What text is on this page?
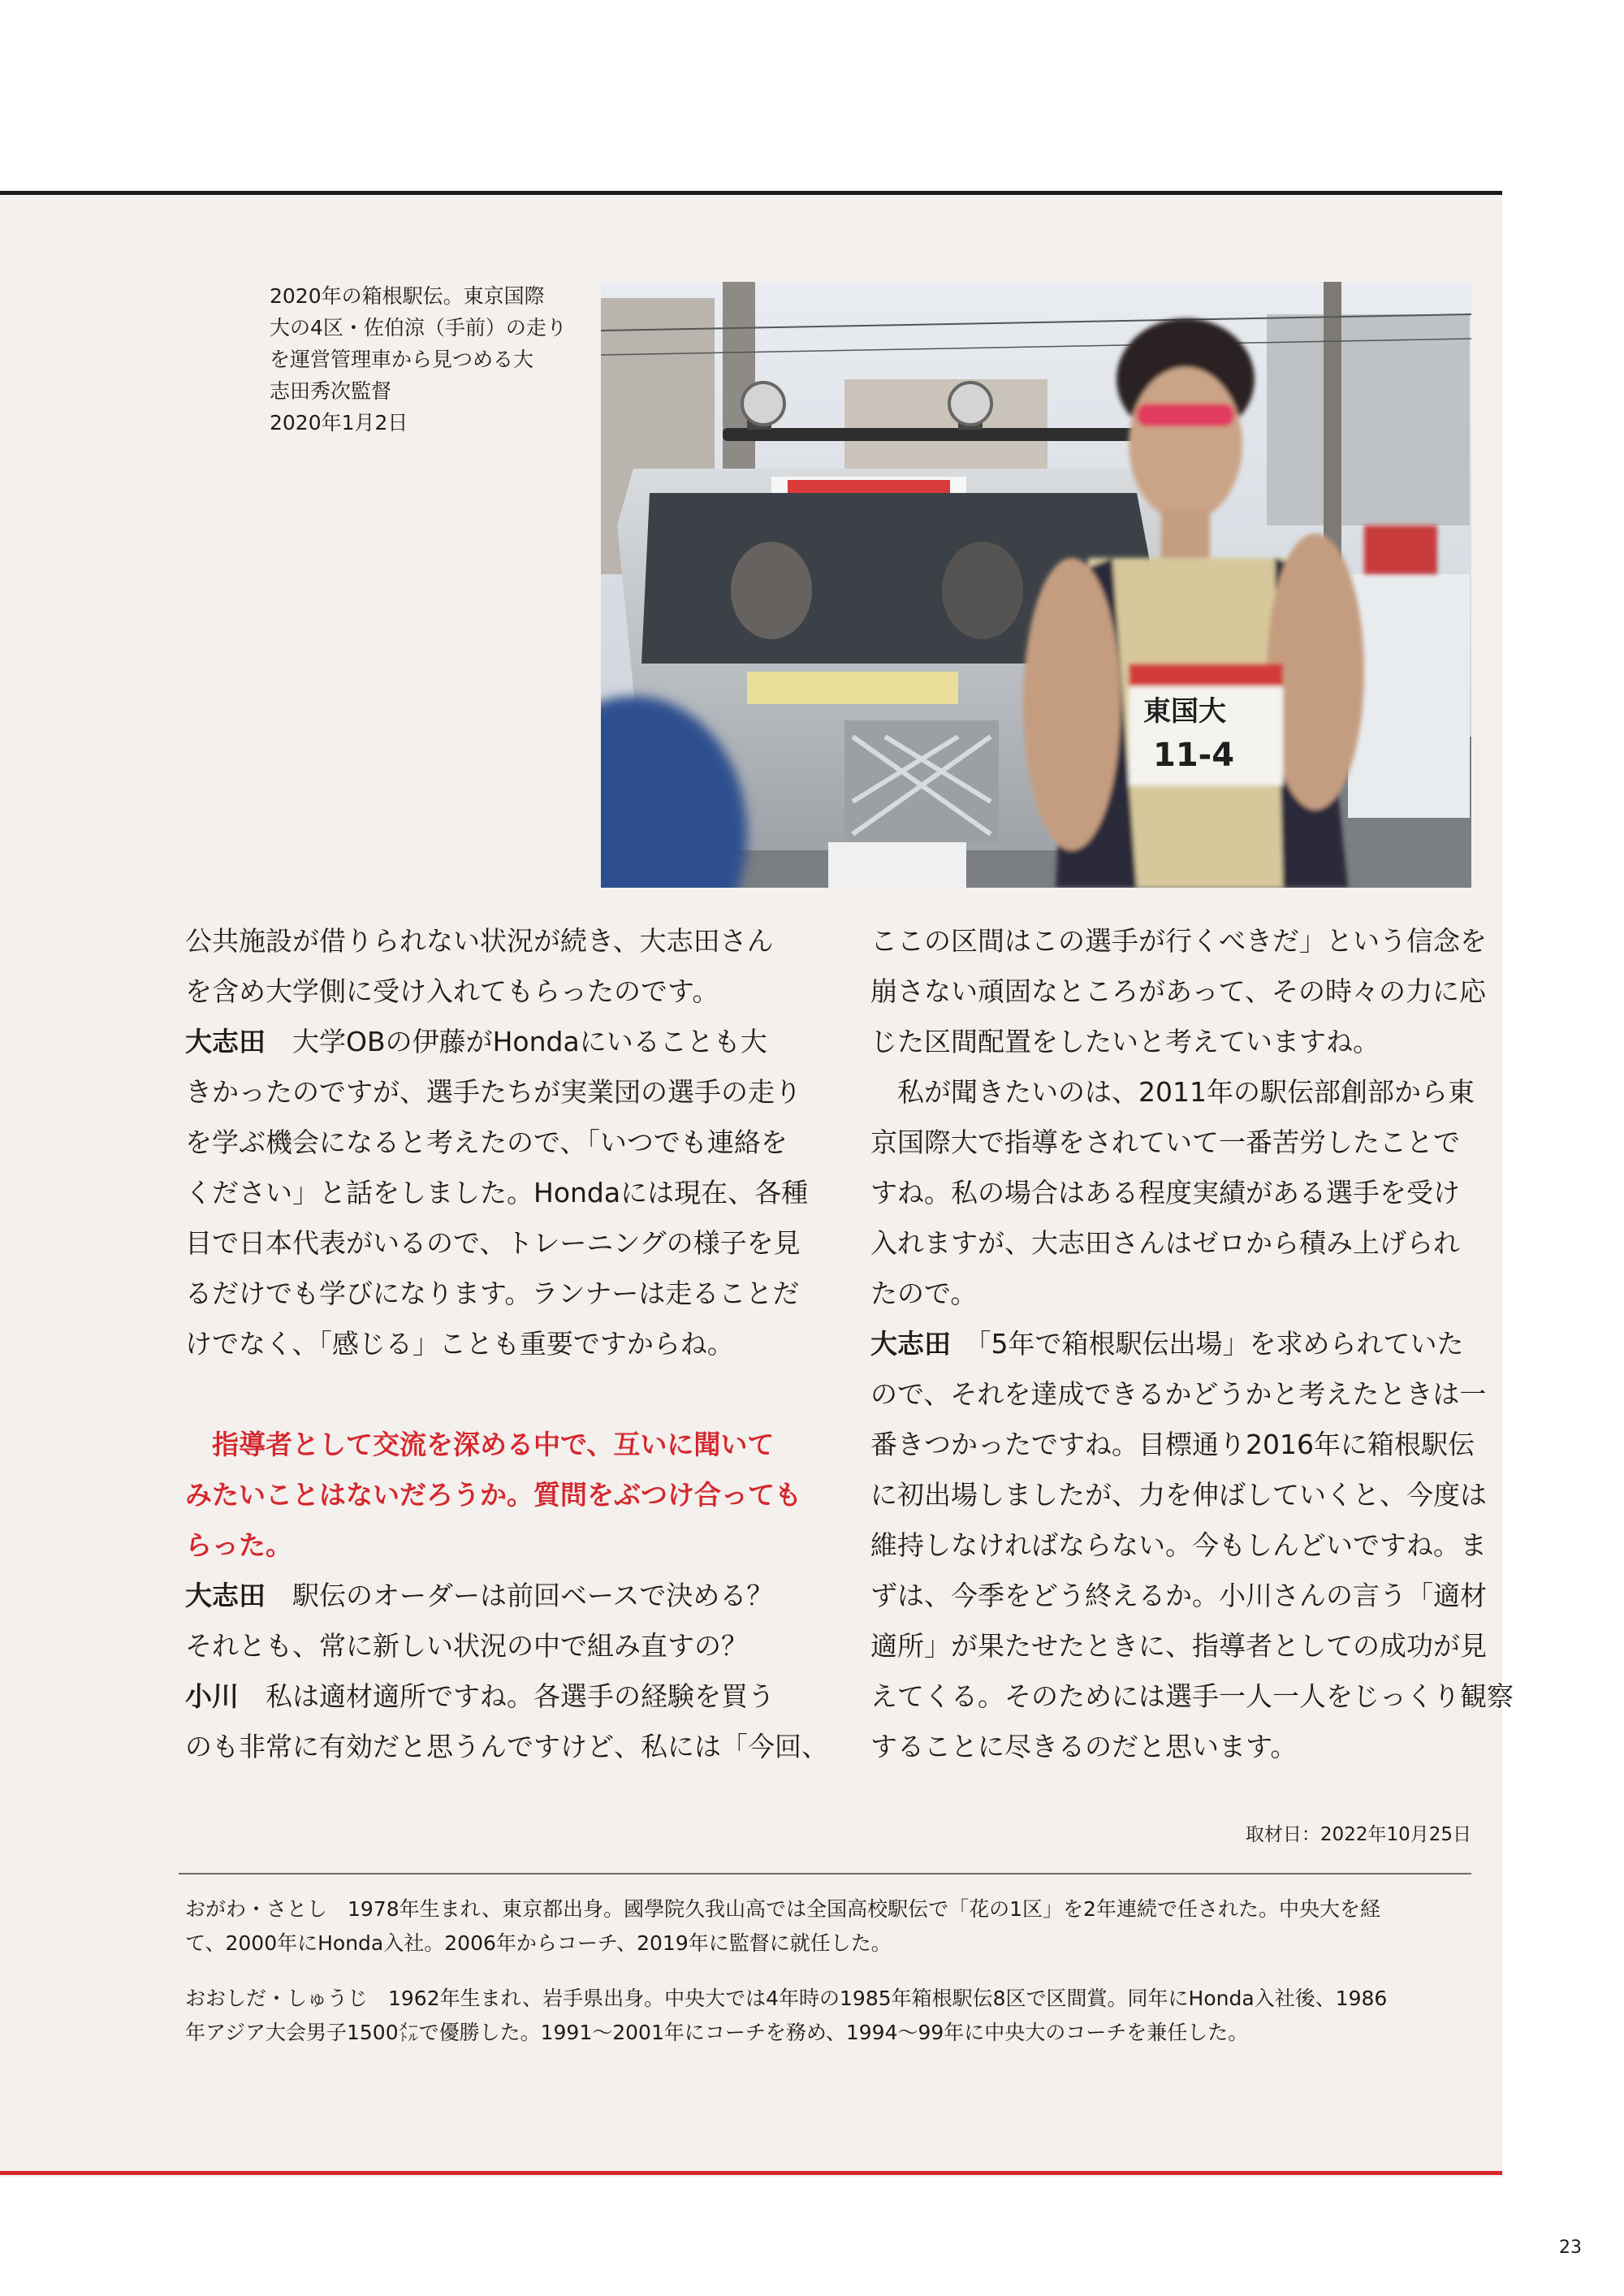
2020年の箱根駅伝。東京国際
大の4区・佐伯涼（手前）の走り
を運営管理車から見つめる大
志田秀次監督
2020年1月2日
東国大
11-4
公共施設が借りられない状況が続き、大志田さん
を含め大学側に受け入れてもらったのです。
大志田　 大学OBの伊藤がHondaにいることも大
きかったのですが、選手たちが実業団の選手の走り
を学ぶ機会になると考えたので、「いつでも連絡を
ください」と話をしました。Hondaには現在、各種
目で日本代表がいるので、トレーニングの様子を見
るだけでも学びになります。ランナーは走ることだ
けでなく、「感じる」ことも重要ですからね。
　指導者として交流を深める中で、互いに聞いて
みたいことはないだろうか。質問をぶつけ合っても
らった。
大志田　 駅伝のオーダーは前回ベースで決める？
それとも、常に新しい状況の中で組み直すの？
小川　 私は適材適所ですね。各選手の経験を買う
のも非常に有効だと思うんですけど、私には「今回、
ここの区間はこの選手が行くべきだ」という信念を
崩さない頑固なところがあって、その時々の力に応
じた区間配置をしたいと考えていますね。
　私が聞きたいのは、2011年の駅伝部創部から東
京国際大で指導をされていて一番苦労したことで
すね。私の場合はある程度実績がある選手を受け
入れますが、大志田さんはゼロから積み上げられ
たので。
大志田　 「5年で箱根駅伝出場」を求められていた
ので、それを達成できるかどうかと考えたときは一
番きつかったですね。目標通り2016年に箱根駅伝
に初出場しましたが、力を伸ばしていくと、今度は
維持しなければならない。今もしんどいですね。ま
ずは、今季をどう終えるか。小川さんの言う「適材
適所」が果たせたときに、指導者としての成功が見
えてくる。そのためには選手一人一人をじっくり観察
することに尽きるのだと思います。
取材日：2022年10月25日
おがわ・さとし　1978年生まれ、東京都出身。國學院久我山高では全国高校駅伝で「花の1区」を2年連続で任された。中央大を経
て、2000年にHonda入社。2006年からコーチ、2019年に監督に就任した。
おおしだ・しゅうじ　1962年生まれ、岩手県出身。中央大では4年時の1985年箱根駅伝8区で区間賞。同年にHonda入社後、1986
年アジア大会男子1500㍍で優勝した。1991〜2001年にコーチを務め、1994〜99年に中央大のコーチを兼任した。
23
